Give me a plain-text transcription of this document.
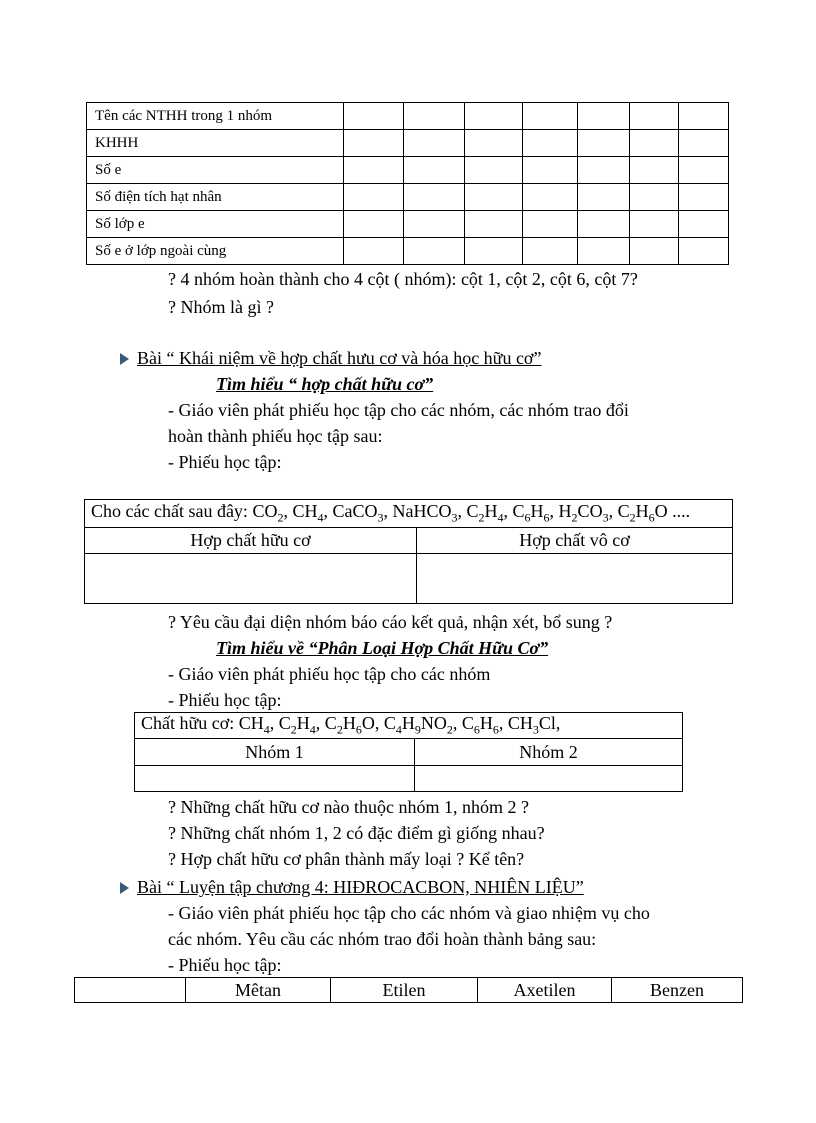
Tên các NTHH trong 1 nhóm							
KHHH							
Số e							
Số điện tích hạt nhân							
Số lớp e							
Số e ở lớp ngoài cùng							
? 4 nhóm hoàn thành cho 4 cột ( nhóm): cột 1, cột 2, cột 6, cột 7?
? Nhóm là gì ?
Bài “ Khái niệm về hợp chất hưu cơ và hóa học hữu cơ”
Tìm hiểu “ hợp chất hữu cơ”
- Giáo viên phát phiếu học tập cho các nhóm, các nhóm trao đổi
hoàn thành phiếu học tập sau:
- Phiếu học tập:
Cho các chất sau đây: $CO_2$, $CH_4$, CaCO$_3$, NaHCO$_3$, $C_2H_4$, $C_6H_6$, $H_2CO_3$, $C_2H_6O$ ....	
Hợp chất hữu cơ	Hợp chất vô cơ

? Yêu cầu đại diện nhóm báo cáo kết quả, nhận xét, bổ sung ?
Tìm hiểu về “Phân Loại Hợp Chất Hữu Cơ”
- Giáo viên phát phiếu học tập cho các nhóm
- Phiếu học tập:
Chất hữu cơ: $CH_4$, $C_2H_4$, $C_2H_6O$, $C_4H_9NO_2$, $C_6H_6$, $CH_3Cl$,	
Nhóm 1	Nhóm 2

? Những chất hữu cơ nào thuộc nhóm 1, nhóm 2 ?
? Những chất nhóm 1, 2 có đặc điểm gì giống nhau?
? Hợp chất hữu cơ phân thành mấy loại ? Kể tên?
Bài “ Luyện tập chương 4: HIĐROCACBON, NHIÊN LIỆU”
- Giáo viên phát phiếu học tập cho các nhóm và giao nhiệm vụ cho
các nhóm. Yêu cầu các nhóm trao đổi hoàn thành bảng sau:
- Phiếu học tập:
	Mêtan	Etilen	Axetilen	Benzen
